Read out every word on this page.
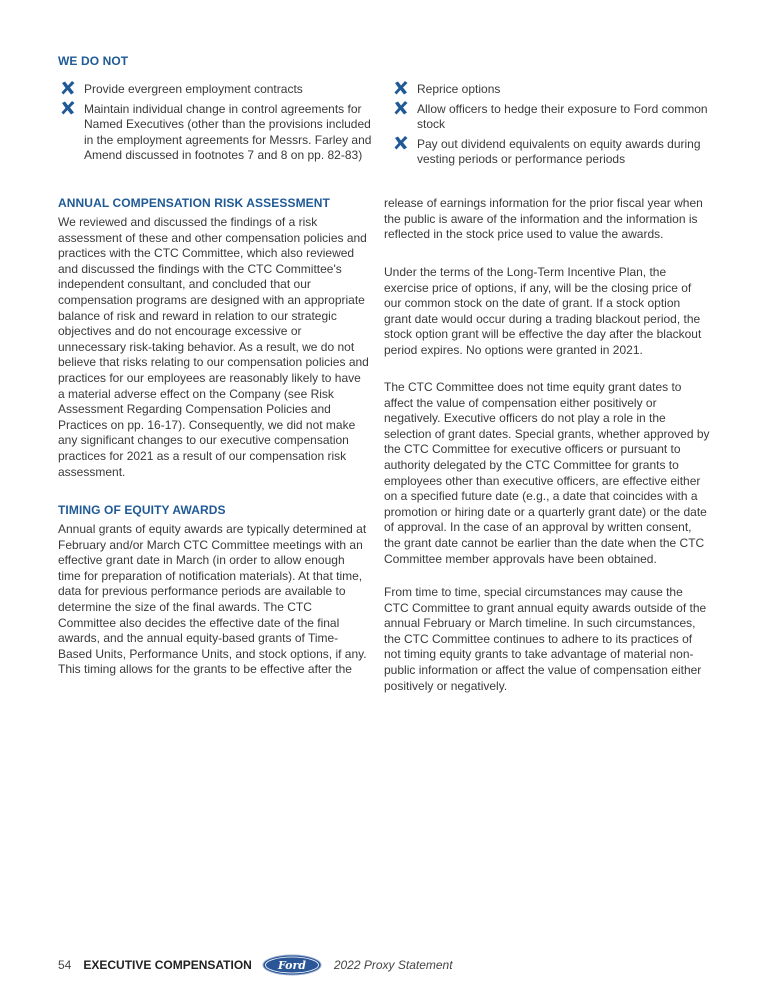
WE DO NOT
Provide evergreen employment contracts
Maintain individual change in control agreements for Named Executives (other than the provisions included in the employment agreements for Messrs. Farley and Amend discussed in footnotes 7 and 8 on pp. 82-83)
Reprice options
Allow officers to hedge their exposure to Ford common stock
Pay out dividend equivalents on equity awards during vesting periods or performance periods
ANNUAL COMPENSATION RISK ASSESSMENT

We reviewed and discussed the findings of a risk assessment of these and other compensation policies and practices with the CTC Committee, which also reviewed and discussed the findings with the CTC Committee's independent consultant, and concluded that our compensation programs are designed with an appropriate balance of risk and reward in relation to our strategic objectives and do not encourage excessive or unnecessary risk-taking behavior. As a result, we do not believe that risks relating to our compensation policies and practices for our employees are reasonably likely to have a material adverse effect on the Company (see Risk Assessment Regarding Compensation Policies and Practices on pp. 16-17). Consequently, we did not make any significant changes to our executive compensation practices for 2021 as a result of our compensation risk assessment.

TIMING OF EQUITY AWARDS

Annual grants of equity awards are typically determined at February and/or March CTC Committee meetings with an effective grant date in March (in order to allow enough time for preparation of notification materials). At that time, data for previous performance periods are available to determine the size of the final awards. The CTC Committee also decides the effective date of the final awards, and the annual equity-based grants of Time-Based Units, Performance Units, and stock options, if any. This timing allows for the grants to be effective after the

release of earnings information for the prior fiscal year when the public is aware of the information and the information is reflected in the stock price used to value the awards.

Under the terms of the Long-Term Incentive Plan, the exercise price of options, if any, will be the closing price of our common stock on the date of grant. If a stock option grant date would occur during a trading blackout period, the stock option grant will be effective the day after the blackout period expires. No options were granted in 2021.

The CTC Committee does not time equity grant dates to affect the value of compensation either positively or negatively. Executive officers do not play a role in the selection of grant dates. Special grants, whether approved by the CTC Committee for executive officers or pursuant to authority delegated by the CTC Committee for grants to employees other than executive officers, are effective either on a specified future date (e.g., a date that coincides with a promotion or hiring date or a quarterly grant date) or the date of approval. In the case of an approval by written consent, the grant date cannot be earlier than the date when the CTC Committee member approvals have been obtained.

From time to time, special circumstances may cause the CTC Committee to grant annual equity awards outside of the annual February or March timeline. In such circumstances, the CTC Committee continues to adhere to its practices of not timing equity grants to take advantage of material non-public information or affect the value of compensation either positively or negatively.

54 EXECUTIVE COMPENSATION Ford 2022 Proxy Statement
